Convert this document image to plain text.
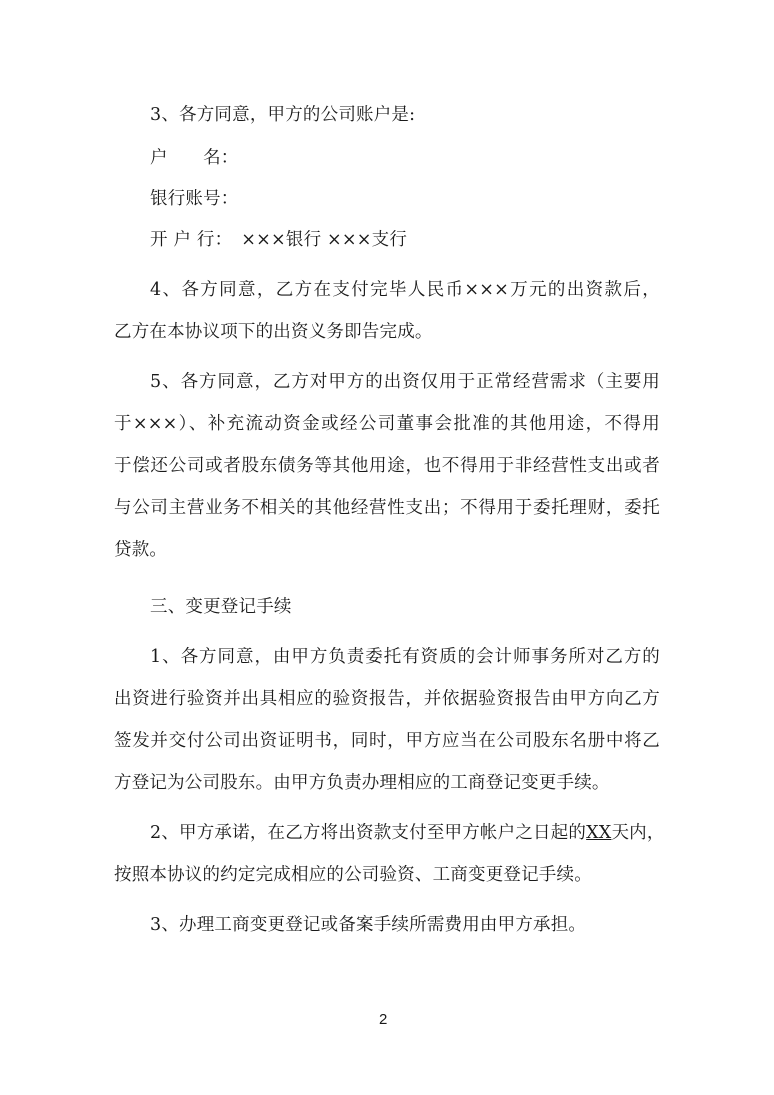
3、各方同意，甲方的公司账户是:
户　　名：
银行账号：
开 户 行：　×××银行 ×××支行
4、各方同意，乙方在支付完毕人民币×××万元的出资款后，
乙方在本协议项下的出资义务即告完成。
5、各方同意，乙方对甲方的出资仅用于正常经营需求（主要用
于×××）、补充流动资金或经公司董事会批准的其他用途，不得用
于偿还公司或者股东债务等其他用途，也不得用于非经营性支出或者
与公司主营业务不相关的其他经营性支出；不得用于委托理财，委托
贷款。
三、变更登记手续
1、各方同意，由甲方负责委托有资质的会计师事务所对乙方的
出资进行验资并出具相应的验资报告，并依据验资报告由甲方向乙方
签发并交付公司出资证明书，同时，甲方应当在公司股东名册中将乙
方登记为公司股东。由甲方负责办理相应的工商登记变更手续。
2、甲方承诺，在乙方将出资款支付至甲方帐户之日起的XX天内，
按照本协议的约定完成相应的公司验资、工商变更登记手续。
3、办理工商变更登记或备案手续所需费用由甲方承担。
2
